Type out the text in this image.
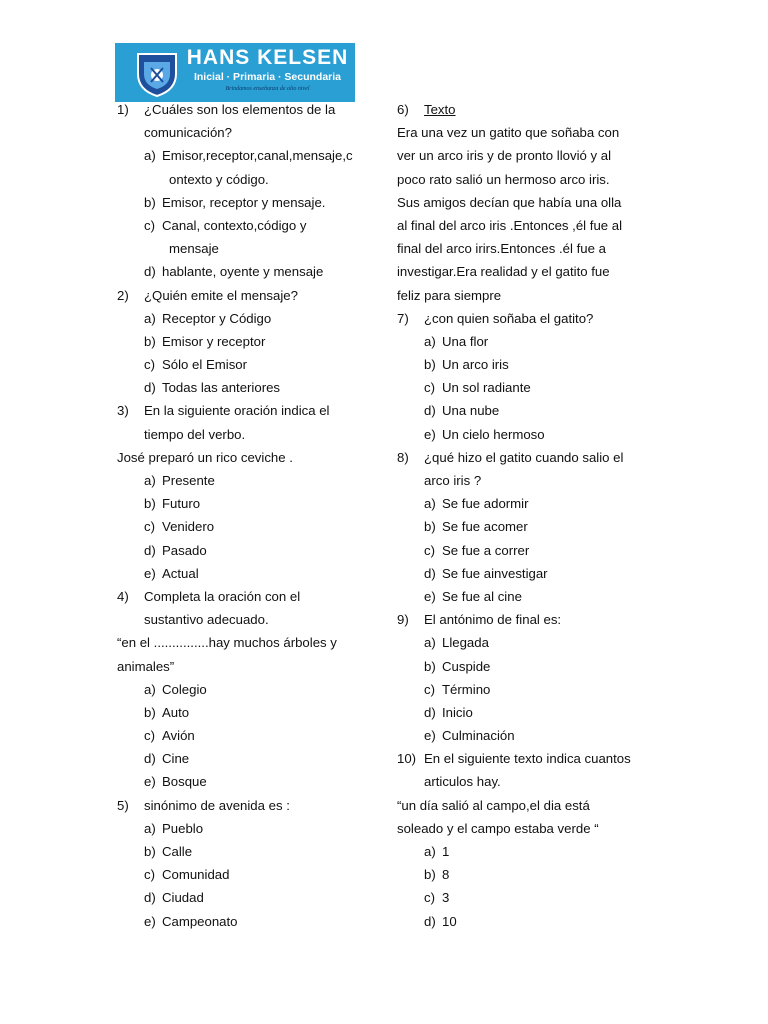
HANS KELSEN
Inicial · Primaria · Secundaria
Brindamos enseñanza de alto nivel
1) ¿Cuáles son los elementos de la
comunicación?
a) Emisor,receptor,canal,mensaje,c
ontexto y código.
b) Emisor, receptor y mensaje.
c) Canal, contexto,código y
mensaje
d) hablante, oyente y mensaje
2) ¿Quién emite el mensaje?
a) Receptor y Código
b) Emisor y receptor
c) Sólo el Emisor
d) Todas las anteriores
3) En la siguiente oración indica el
tiempo del verbo.
José preparó un rico ceviche .
a) Presente
b) Futuro
c) Venidero
d) Pasado
e) Actual
4) Completa la oración con el
sustantivo adecuado.
“en el ...............hay muchos árboles y
animales”
a) Colegio
b) Auto
c) Avión
d) Cine
e) Bosque
5) sinónimo de avenida es :
a) Pueblo
b) Calle
c) Comunidad
d) Ciudad
e) Campeonato
6) Texto
Era una vez un gatito que soñaba con
ver un arco iris y de pronto llovió y al
poco rato salió un hermoso arco iris.
Sus amigos decían que había una olla
al final del arco iris .Entonces ,él fue al
final del arco irirs.Entonces .él fue a
investigar.Era realidad y el gatito fue
feliz para siempre
7) ¿con quien soñaba el gatito?
a) Una flor
b) Un arco iris
c) Un sol radiante
d) Una nube
e) Un cielo hermoso
8) ¿qué hizo el gatito cuando salio el
arco iris ?
a) Se fue adormir
b) Se fue acomer
c) Se fue a correr
d) Se fue ainvestigar
e) Se fue al cine
9) El antónimo de final es:
a) Llegada
b) Cuspide
c) Término
d) Inicio
e) Culminación
10) En el siguiente texto indica cuantos
articulos hay.
“un día salió al campo,el dia está
soleado y el campo estaba verde “
a) 1
b) 8
c) 3
d) 10
